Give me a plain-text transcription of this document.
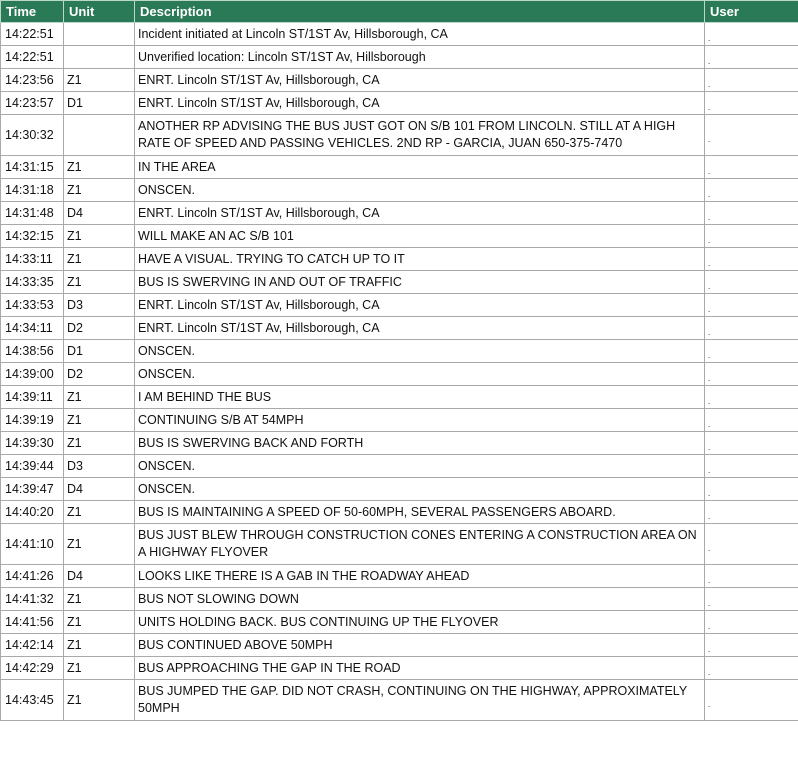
Time	Unit	Description	User
14:22:51		Incident initiated at Lincoln ST/1ST Av, Hillsborough, CA	.
14:22:51		Unverified location: Lincoln ST/1ST Av, Hillsborough	.
14:23:56	Z1	ENRT. Lincoln ST/1ST Av, Hillsborough, CA	.
14:23:57	D1	ENRT. Lincoln ST/1ST Av, Hillsborough, CA	.
14:30:32		ANOTHER RP ADVISING THE BUS JUST GOT ON S/B 101 FROM LINCOLN. STILL AT A HIGH RATE OF SPEED AND PASSING VEHICLES. 2ND RP - GARCIA, JUAN 650-375-7470	.
14:31:15	Z1	IN THE AREA	.
14:31:18	Z1	ONSCEN.	.
14:31:48	D4	ENRT. Lincoln ST/1ST Av, Hillsborough, CA	.
14:32:15	Z1	WILL MAKE AN AC S/B 101	.
14:33:11	Z1	HAVE A VISUAL. TRYING TO CATCH UP TO IT	.
14:33:35	Z1	BUS IS SWERVING IN AND OUT OF TRAFFIC	.
14:33:53	D3	ENRT. Lincoln ST/1ST Av, Hillsborough, CA	.
14:34:11	D2	ENRT. Lincoln ST/1ST Av, Hillsborough, CA	.
14:38:56	D1	ONSCEN.	.
14:39:00	D2	ONSCEN.	.
14:39:11	Z1	I AM BEHIND THE BUS	.
14:39:19	Z1	CONTINUING S/B AT 54MPH	.
14:39:30	Z1	BUS IS SWERVING BACK AND FORTH	.
14:39:44	D3	ONSCEN.	.
14:39:47	D4	ONSCEN.	.
14:40:20	Z1	BUS IS MAINTAINING A SPEED OF 50-60MPH, SEVERAL PASSENGERS ABOARD.	.
14:41:10	Z1	BUS JUST BLEW THROUGH CONSTRUCTION CONES ENTERING A CONSTRUCTION AREA ON A HIGHWAY FLYOVER	.
14:41:26	D4	LOOKS LIKE THERE IS A GAB IN THE ROADWAY AHEAD	.
14:41:32	Z1	BUS NOT SLOWING DOWN	.
14:41:56	Z1	UNITS HOLDING BACK. BUS CONTINUING UP THE FLYOVER	.
14:42:14	Z1	BUS CONTINUED ABOVE 50MPH	.
14:42:29	Z1	BUS APPROACHING THE GAP IN THE ROAD	.
14:43:45	Z1	BUS JUMPED THE GAP. DID NOT CRASH, CONTINUING ON THE HIGHWAY, APPROXIMATELY 50MPH	.
